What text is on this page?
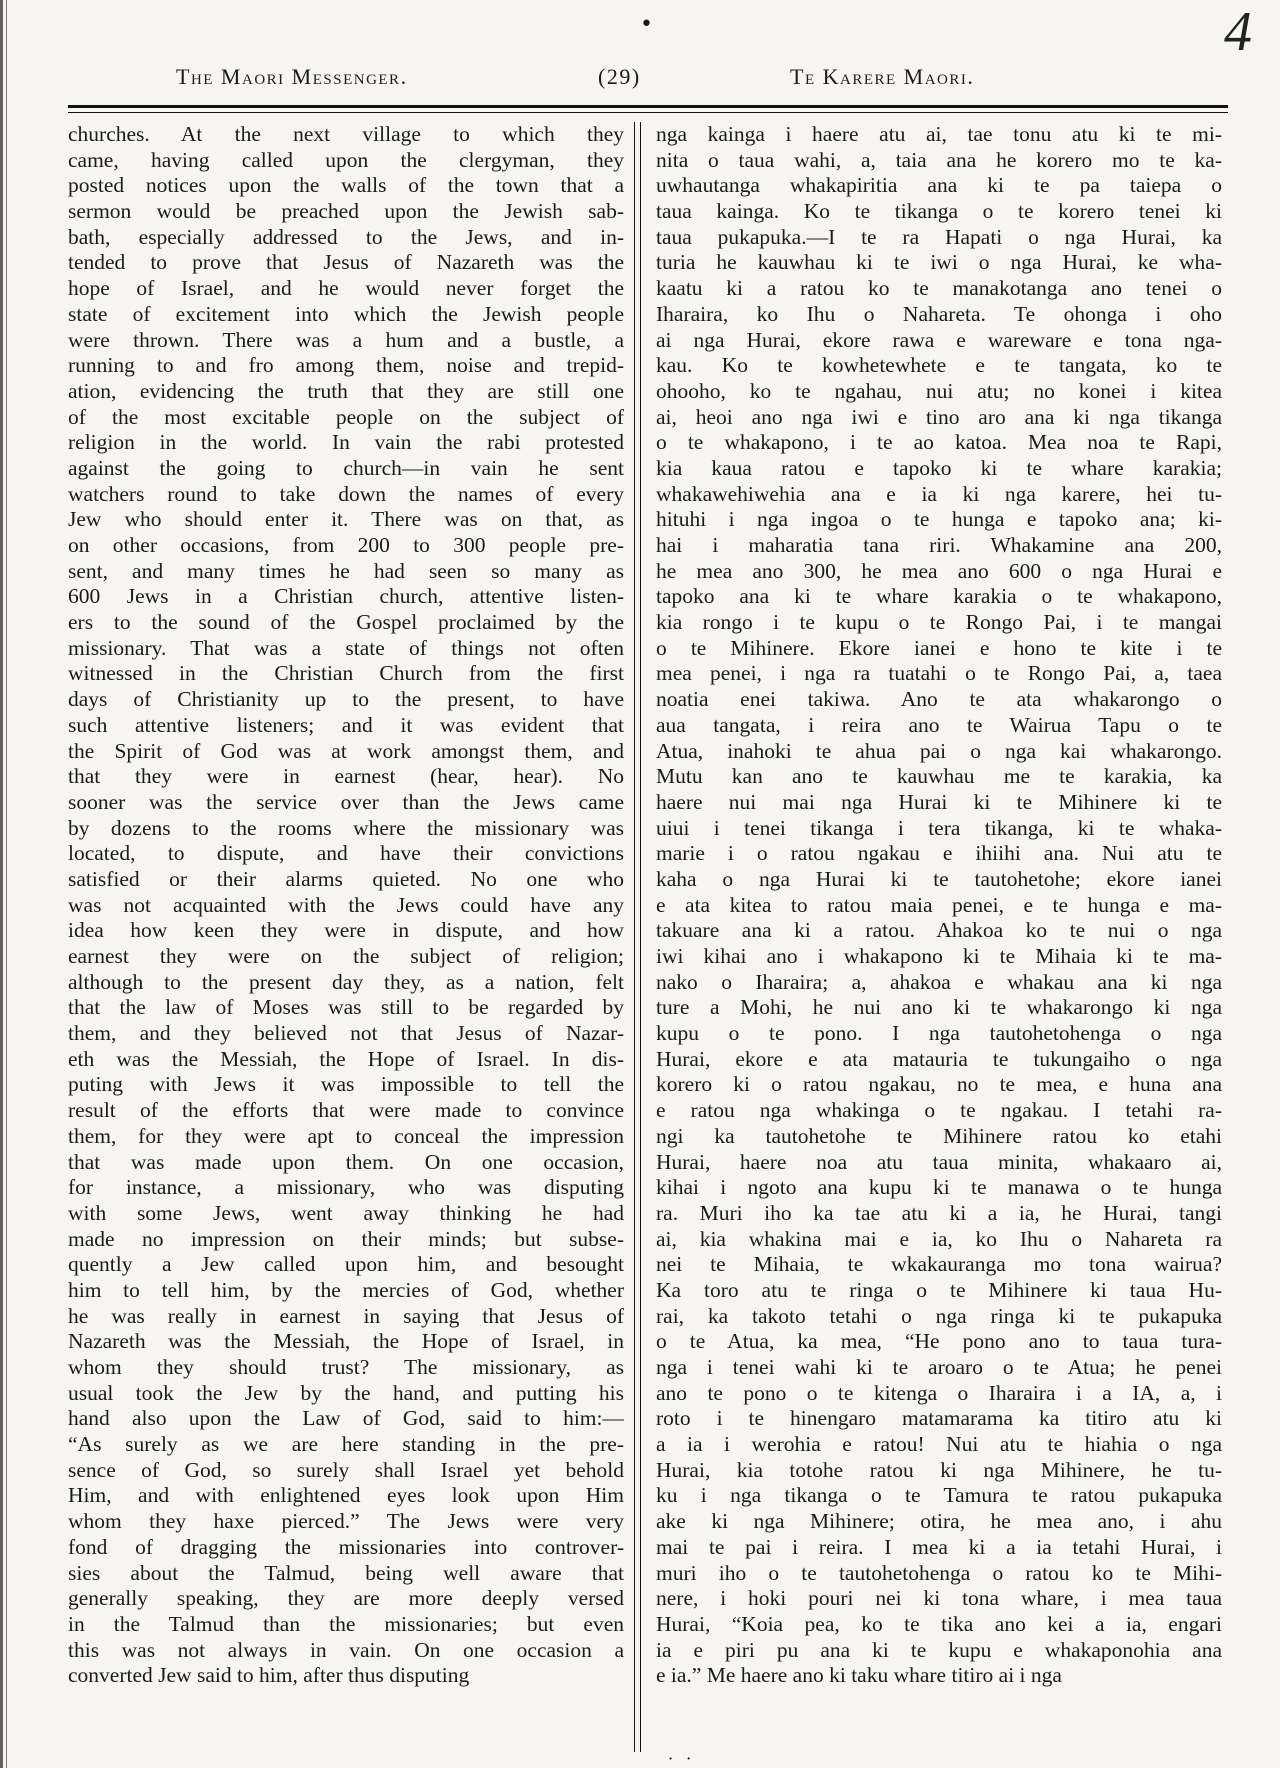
•	4
The Maori Messenger.	(29)	Te Karere Maori.
churches. At the next village to which they
came, having called upon the clergyman, they
posted notices upon the walls of the town that a
sermon would be preached upon the Jewish sab-
bath, especially addressed to the Jews, and in-
tended to prove that Jesus of Nazareth was the
hope of Israel, and he would never forget the
state of excitement into which the Jewish people
were thrown. There was a hum and a bustle, a
running to and fro among them, noise and trepid-
ation, evidencing the truth that they are still one
of the most excitable people on the subject of
religion in the world. In vain the rabi protested
against the going to church—in vain he sent
watchers round to take down the names of every
Jew who should enter it. There was on that, as
on other occasions, from 200 to 300 people pre-
sent, and many times he had seen so many as
600 Jews in a Christian church, attentive listen-
ers to the sound of the Gospel proclaimed by the
missionary. That was a state of things not often
witnessed in the Christian Church from the first
days of Christianity up to the present, to have
such attentive listeners; and it was evident that
the Spirit of God was at work amongst them, and
that they were in earnest (hear, hear). No
sooner was the service over than the Jews came
by dozens to the rooms where the missionary was
located, to dispute, and have their convictions
satisfied or their alarms quieted. No one who
was not acquainted with the Jews could have any
idea how keen they were in dispute, and how
earnest they were on the subject of religion;
although to the present day they, as a nation, felt
that the law of Moses was still to be regarded by
them, and they believed not that Jesus of Nazar-
eth was the Messiah, the Hope of Israel. In dis-
puting with Jews it was impossible to tell the
result of the efforts that were made to convince
them, for they were apt to conceal the impression
that was made upon them. On one occasion,
for instance, a missionary, who was disputing
with some Jews, went away thinking he had
made no impression on their minds; but subse-
quently a Jew called upon him, and besought
him to tell him, by the mercies of God, whether
he was really in earnest in saying that Jesus of
Nazareth was the Messiah, the Hope of Israel, in
whom they should trust? The missionary, as
usual took the Jew by the hand, and putting his
hand also upon the Law of God, said to him:—
“As surely as we are here standing in the pre-
sence of God, so surely shall Israel yet behold
Him, and with enlightened eyes look upon Him
whom they haxe pierced.” The Jews were very
fond of dragging the missionaries into controver-
sies about the Talmud, being well aware that
generally speaking, they are more deeply versed
in the Talmud than the missionaries; but even
this was not always in vain. On one occasion a
converted Jew said to him, after thus disputing
nga kainga i haere atu ai, tae tonu atu ki te mi-
nita o taua wahi, a, taia ana he korero mo te ka-
uwhautanga whakapiritia ana ki te pa taiepa o
taua kainga. Ko te tikanga o te korero tenei ki
taua pukapuka.—I te ra Hapati o nga Hurai, ka
turia he kauwhau ki te iwi o nga Hurai, ke wha-
kaatu ki a ratou ko te manakotanga ano tenei o
Iharaira, ko Ihu o Nahareta. Te ohonga i oho
ai nga Hurai, ekore rawa e wareware e tona nga-
kau. Ko te kowhetewhete e te tangata, ko te
ohooho, ko te ngahau, nui atu; no konei i kitea
ai, heoi ano nga iwi e tino aro ana ki nga tikanga
o te whakapono, i te ao katoa. Mea noa te Rapi,
kia kaua ratou e tapoko ki te whare karakia;
whakawehiwehia ana e ia ki nga karere, hei tu-
hituhi i nga ingoa o te hunga e tapoko ana; ki-
hai i maharatia tana riri. Whakamine ana 200,
he mea ano 300, he mea ano 600 o nga Hurai e
tapoko ana ki te whare karakia o te whakapono,
kia rongo i te kupu o te Rongo Pai, i te mangai
o te Mihinere. Ekore ianei e hono te kite i te
mea penei, i nga ra tuatahi o te Rongo Pai, a, taea
noatia enei takiwa. Ano te ata whakarongo o
aua tangata, i reira ano te Wairua Tapu o te
Atua, inahoki te ahua pai o nga kai whakarongo.
Mutu kan ano te kauwhau me te karakia, ka
haere nui mai nga Hurai ki te Mihinere ki te
uiui i tenei tikanga i tera tikanga, ki te whaka-
marie i o ratou ngakau e ihiihi ana. Nui atu te
kaha o nga Hurai ki te tautohetohe; ekore ianei
e ata kitea to ratou maia penei, e te hunga e ma-
takuare ana ki a ratou. Ahakoa ko te nui o nga
iwi kihai ano i whakapono ki te Mihaia ki te ma-
nako o Iharaira; a, ahakoa e whakau ana ki nga
ture a Mohi, he nui ano ki te whakarongo ki nga
kupu o te pono. I nga tautohetohenga o nga
Hurai, ekore e ata matauria te tukungaiho o nga
korero ki o ratou ngakau, no te mea, e huna ana
e ratou nga whakinga o te ngakau. I tetahi ra-
ngi ka tautohetohe te Mihinere ratou ko etahi
Hurai, haere noa atu taua minita, whakaaro ai,
kihai i ngoto ana kupu ki te manawa o te hunga
ra. Muri iho ka tae atu ki a ia, he Hurai, tangi
ai, kia whakina mai e ia, ko Ihu o Nahareta ra
nei te Mihaia, te wkakauranga mo tona wairua?
Ka toro atu te ringa o te Mihinere ki taua Hu-
rai, ka takoto tetahi o nga ringa ki te pukapuka
o te Atua, ka mea, “He pono ano to taua tura-
nga i tenei wahi ki te aroaro o te Atua; he penei
ano te pono o te kitenga o Iharaira i a IA, a, i
roto i te hinengaro matamarama ka titiro atu ki
a ia i werohia e ratou! Nui atu te hiahia o nga
Hurai, kia totohe ratou ki nga Mihinere, he tu-
ku i nga tikanga o te Tamura te ratou pukapuka
ake ki nga Mihinere; otira, he mea ano, i ahu
mai te pai i reira. I mea ki a ia tetahi Hurai, i
muri iho o te tautohetohenga o ratou ko te Mihi-
nere, i hoki pouri nei ki tona whare, i mea taua
Hurai, “Koia pea, ko te tika ano kei a ia, engari
ia e piri pu ana ki te kupu e whakaponohia ana
e ia.” Me haere ano ki taku whare titiro ai i nga
· ·
